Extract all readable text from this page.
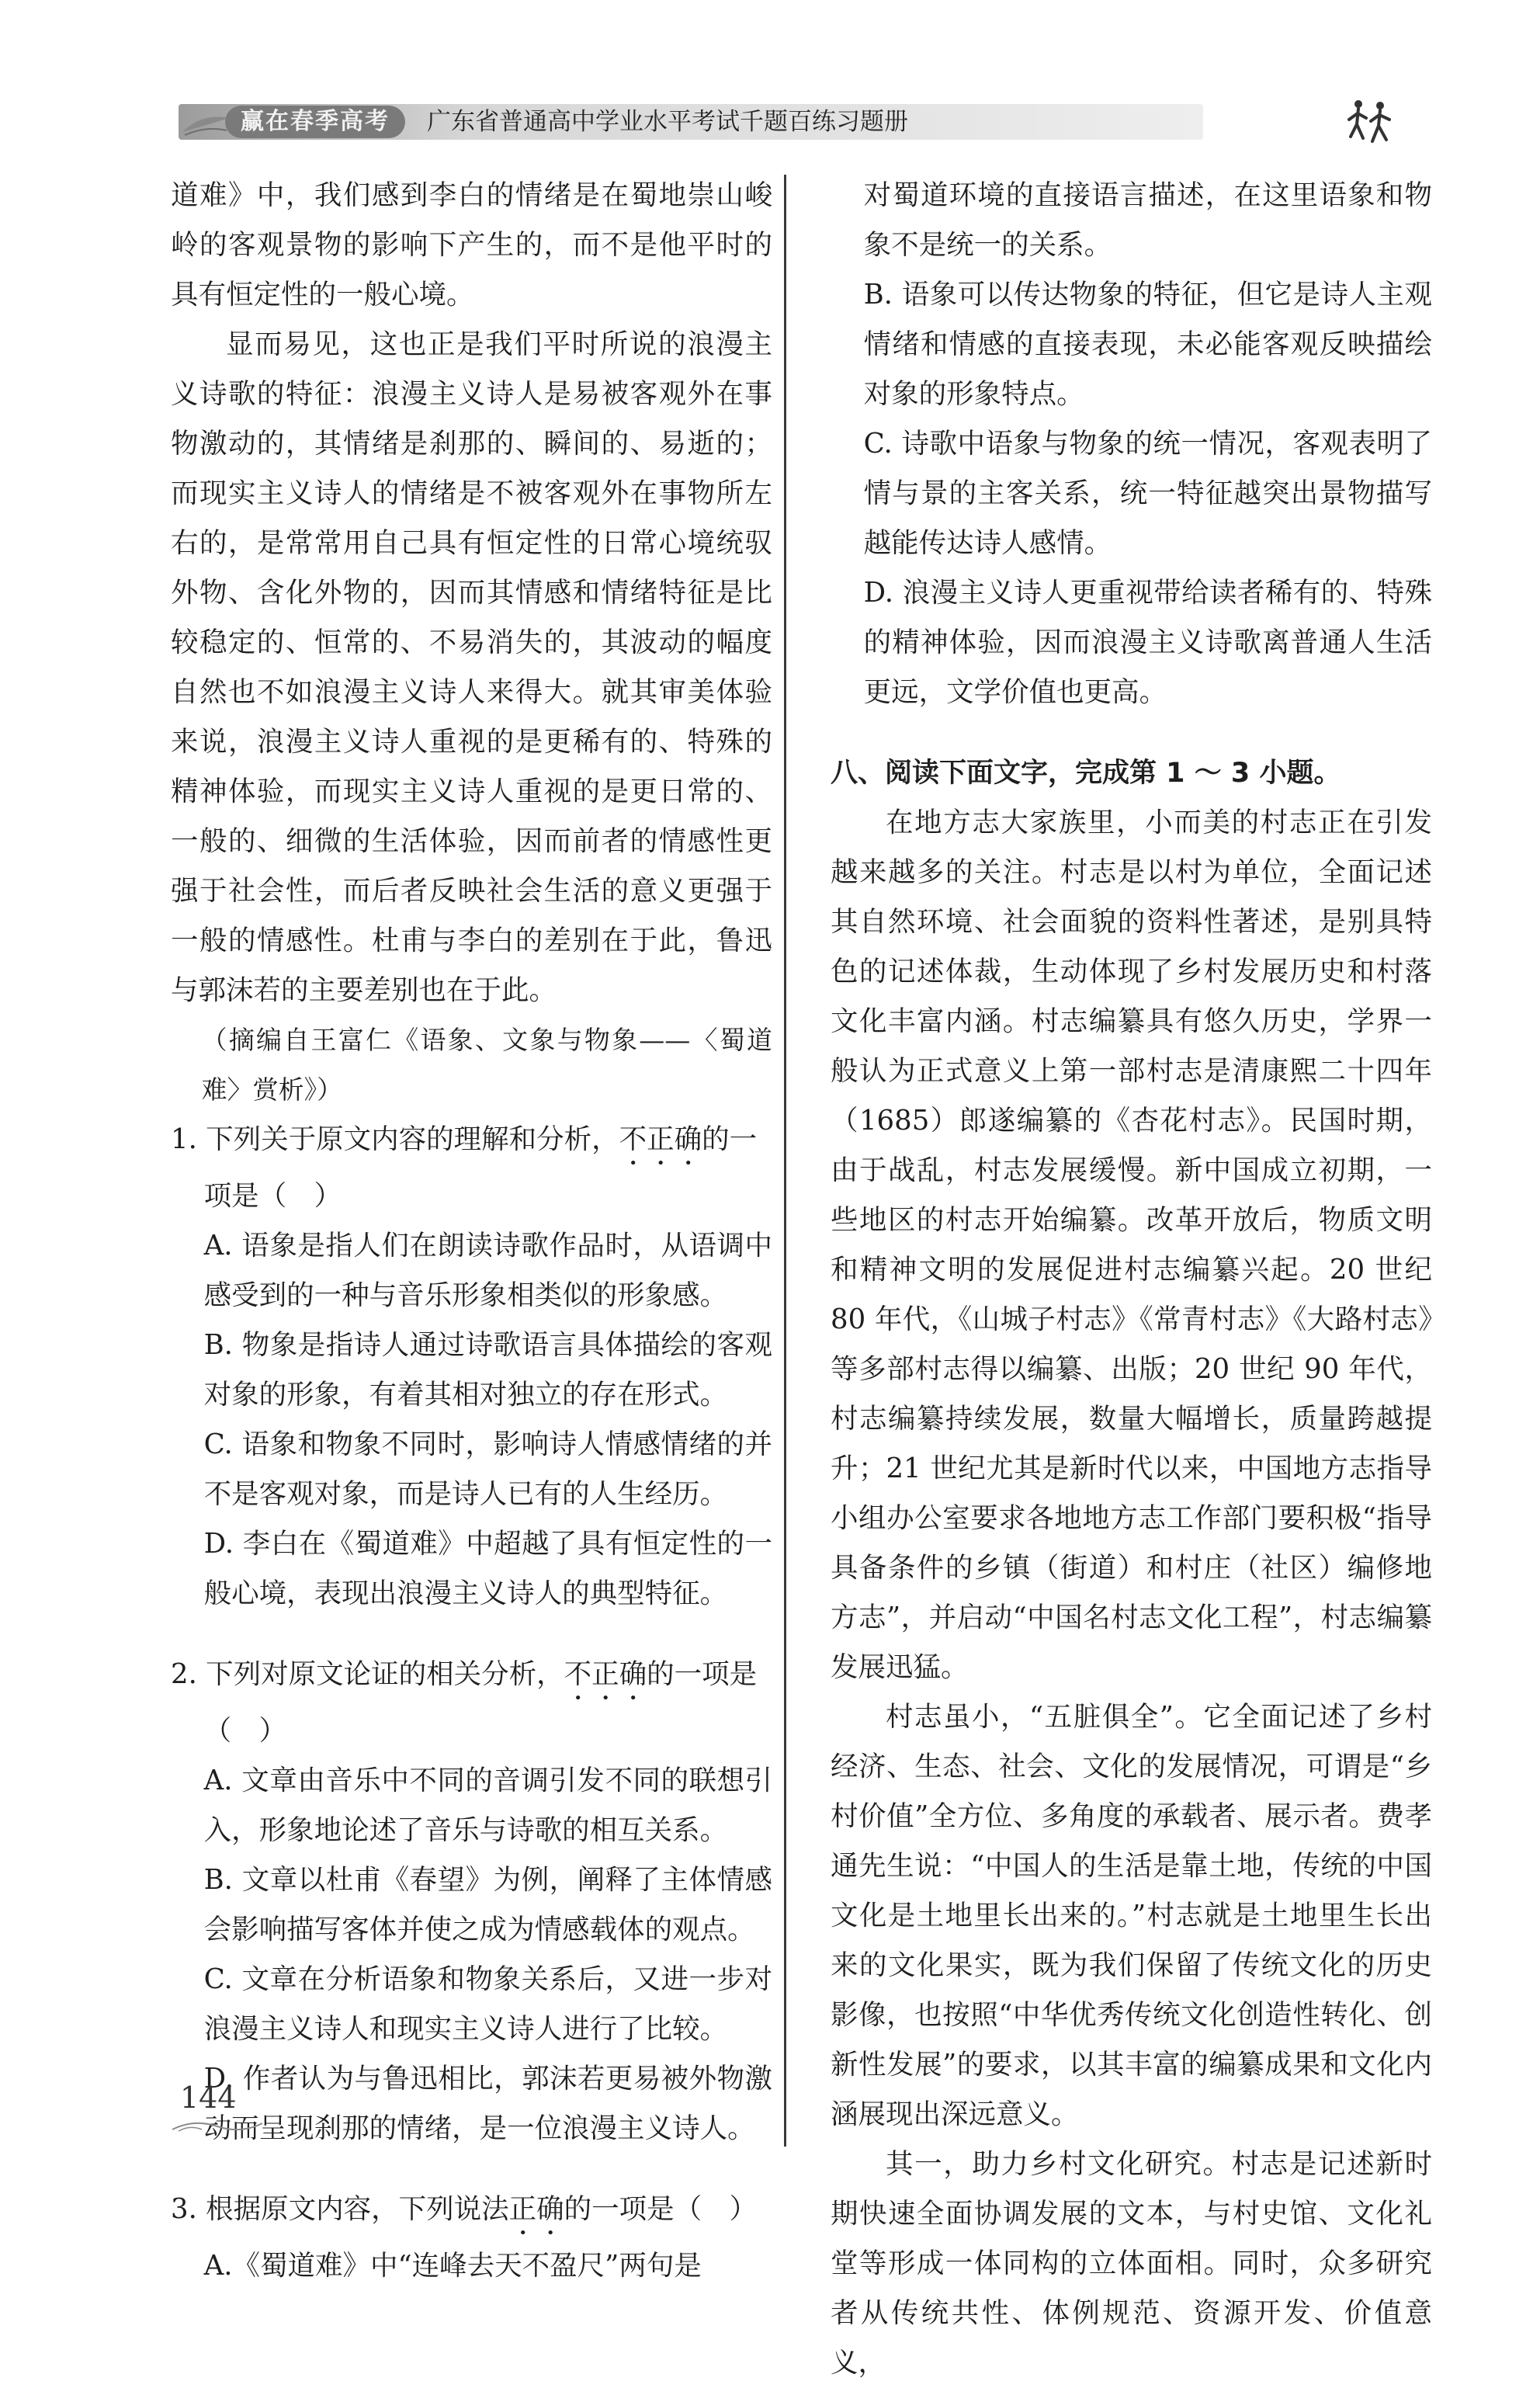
赢在春季高考	广东省普通高中学业水平考试千题百练习题册

道难》中，我们感到李白的情绪是在蜀地崇山峻岭的客观景物的影响下产生的，而不是他平时的具有恒定性的一般心境。

显而易见，这也正是我们平时所说的浪漫主义诗歌的特征：浪漫主义诗人是易被客观外在事物激动的，其情绪是刹那的、瞬间的、易逝的；而现实主义诗人的情绪是不被客观外在事物所左右的，是常常用自己具有恒定性的日常心境统驭外物、含化外物的，因而其情感和情绪特征是比较稳定的、恒常的、不易消失的，其波动的幅度自然也不如浪漫主义诗人来得大。就其审美体验来说，浪漫主义诗人重视的是更稀有的、特殊的精神体验，而现实主义诗人重视的是更日常的、一般的、细微的生活体验，因而前者的情感性更强于社会性，而后者反映社会生活的意义更强于一般的情感性。杜甫与李白的差别在于此，鲁迅与郭沫若的主要差别也在于此。

（摘编自王富仁《语象、文象与物象——〈蜀道难〉赏析》）

1. 下列关于原文内容的理解和分析，不正确的一项是（　）

A. 语象是指人们在朗读诗歌作品时，从语调中感受到的一种与音乐形象相类似的形象感。

B. 物象是指诗人通过诗歌语言具体描绘的客观对象的形象，有着其相对独立的存在形式。

C. 语象和物象不同时，影响诗人情感情绪的并不是客观对象，而是诗人已有的人生经历。

D. 李白在《蜀道难》中超越了具有恒定性的一般心境，表现出浪漫主义诗人的典型特征。

2. 下列对原文论证的相关分析，不正确的一项是（　）

A. 文章由音乐中不同的音调引发不同的联想引入，形象地论述了音乐与诗歌的相互关系。

B. 文章以杜甫《春望》为例，阐释了主体情感会影响描写客体并使之成为情感载体的观点。

C. 文章在分析语象和物象关系后，又进一步对浪漫主义诗人和现实主义诗人进行了比较。

D. 作者认为与鲁迅相比，郭沫若更易被外物激动而呈现刹那的情绪，是一位浪漫主义诗人。

3. 根据原文内容，下列说法正确的一项是（　）

A.《蜀道难》中“连峰去天不盈尺”两句是

对蜀道环境的直接语言描述，在这里语象和物象不是统一的关系。

B. 语象可以传达物象的特征，但它是诗人主观情绪和情感的直接表现，未必能客观反映描绘对象的形象特点。

C. 诗歌中语象与物象的统一情况，客观表明了情与景的主客关系，统一特征越突出景物描写越能传达诗人感情。

D. 浪漫主义诗人更重视带给读者稀有的、特殊的精神体验，因而浪漫主义诗歌离普通人生活更远，文学价值也更高。

八、阅读下面文字，完成第 1 ～ 3 小题。

在地方志大家族里，小而美的村志正在引发越来越多的关注。村志是以村为单位，全面记述其自然环境、社会面貌的资料性著述，是别具特色的记述体裁，生动体现了乡村发展历史和村落文化丰富内涵。村志编纂具有悠久历史，学界一般认为正式意义上第一部村志是清康熙二十四年（1685）郎遂编纂的《杏花村志》。民国时期，由于战乱，村志发展缓慢。新中国成立初期，一些地区的村志开始编纂。改革开放后，物质文明和精神文明的发展促进村志编纂兴起。20 世纪 80 年代，《山城子村志》《常青村志》《大路村志》等多部村志得以编纂、出版；20 世纪 90 年代，村志编纂持续发展，数量大幅增长，质量跨越提升；21 世纪尤其是新时代以来，中国地方志指导小组办公室要求各地地方志工作部门要积极“指导具备条件的乡镇（街道）和村庄（社区）编修地方志”，并启动“中国名村志文化工程”，村志编纂发展迅猛。

村志虽小，“五脏俱全”。它全面记述了乡村经济、生态、社会、文化的发展情况，可谓是“乡村价值”全方位、多角度的承载者、展示者。费孝通先生说：“中国人的生活是靠土地，传统的中国文化是土地里长出来的。”村志就是土地里生长出来的文化果实，既为我们保留了传统文化的历史影像，也按照“中华优秀传统文化创造性转化、创新性发展”的要求，以其丰富的编纂成果和文化内涵展现出深远意义。

其一，助力乡村文化研究。村志是记述新时期快速全面协调发展的文本，与村史馆、文化礼堂等形成一体同构的立体面相。同时，众多研究者从传统共性、体例规范、资源开发、价值意义，

144
